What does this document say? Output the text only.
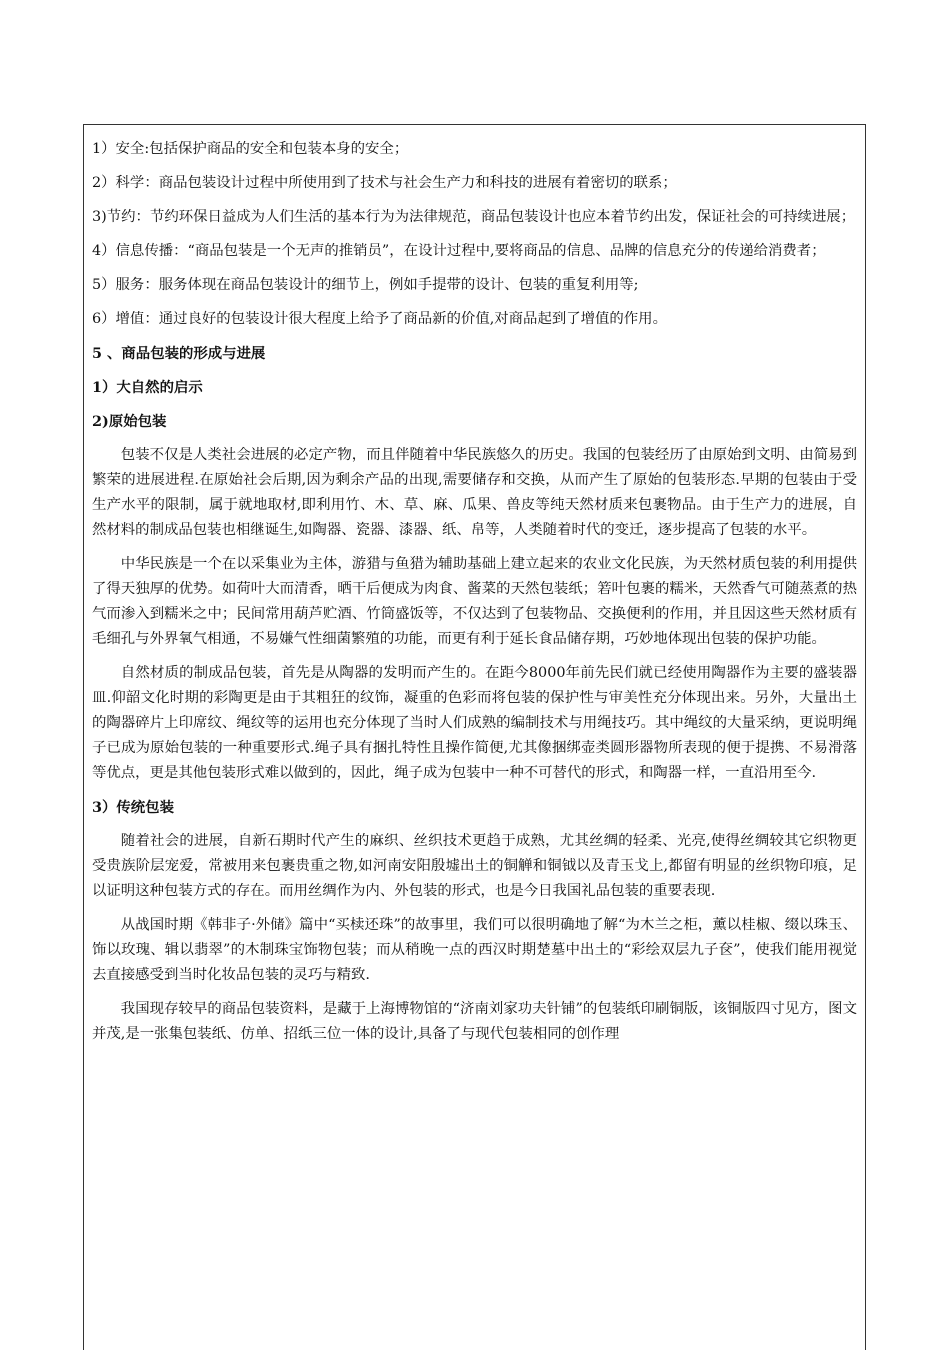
1）安全:包括保护商品的安全和包装本身的安全；

2）科学：商品包装设计过程中所使用到了技术与社会生产力和科技的进展有着密切的联系；

3)节约：节约环保日益成为人们生活的基本行为为法律规范，商品包装设计也应本着节约出发，保证社会的可持续进展；

4）信息传播：“商品包装是一个无声的推销员”，在设计过程中,要将商品的信息、品牌的信息充分的传递给消费者；

5）服务：服务体现在商品包装设计的细节上，例如手提带的设计、包装的重复利用等;

6）增值：通过良好的包装设计很大程度上给予了商品新的价值,对商品起到了增值的作用。

5 、商品包装的形成与进展

1）大自然的启示

2)原始包装

包装不仅是人类社会进展的必定产物，而且伴随着中华民族悠久的历史。我国的包装经历了由原始到文明、由简易到繁荣的进展进程.在原始社会后期,因为剩余产品的出现,需要储存和交换，从而产生了原始的包装形态.早期的包装由于受生产水平的限制，属于就地取材,即利用竹、木、草、麻、瓜果、兽皮等纯天然材质来包裹物品。由于生产力的进展，自然材料的制成品包装也相继诞生,如陶器、瓷器、漆器、纸、帛等，人类随着时代的变迁，逐步提高了包装的水平。

中华民族是一个在以采集业为主体，游猎与鱼猎为辅助基础上建立起来的农业文化民族，为天然材质包装的利用提供了得天独厚的优势。如荷叶大而清香，晒干后便成为肉食、酱菜的天然包装纸；箬叶包裹的糯米，天然香气可随蒸煮的热气而渗入到糯米之中；民间常用葫芦贮酒、竹筒盛饭等，不仅达到了包装物品、交换便利的作用，并且因这些天然材质有毛细孔与外界氧气相通，不易嫌气性细菌繁殖的功能，而更有利于延长食品储存期，巧妙地体现出包装的保护功能。

自然材质的制成品包装，首先是从陶器的发明而产生的。在距今8000年前先民们就已经使用陶器作为主要的盛装器皿.仰韶文化时期的彩陶更是由于其粗狂的纹饰，凝重的色彩而将包装的保护性与审美性充分体现出来。另外，大量出土的陶器碎片上印席纹、绳纹等的运用也充分体现了当时人们成熟的编制技术与用绳技巧。其中绳纹的大量采纳，更说明绳子已成为原始包装的一种重要形式.绳子具有捆扎特性且操作简便,尤其像捆绑壶类圆形器物所表现的便于提携、不易滑落等优点，更是其他包装形式难以做到的，因此，绳子成为包装中一种不可替代的形式，和陶器一样，一直沿用至今.

3）传统包装

随着社会的进展，自新石期时代产生的麻织、丝织技术更趋于成熟，尤其丝绸的轻柔、光亮,使得丝绸较其它织物更受贵族阶层宠爱，常被用来包裹贵重之物,如河南安阳殷墟出土的铜觯和铜钺以及青玉戈上,都留有明显的丝织物印痕，足以证明这种包装方式的存在。而用丝绸作为内、外包装的形式，也是今日我国礼品包装的重要表现.

从战国时期《韩非子·外储》篇中“买椟还珠”的故事里，我们可以很明确地了解“为木兰之柜，薰以桂椒、缀以珠玉、饰以玫瑰、辑以翡翠”的木制珠宝饰物包装；而从稍晚一点的西汉时期楚墓中出土的“彩绘双层九子奁”，使我们能用视觉去直接感受到当时化妆品包装的灵巧与精致.

我国现存较早的商品包装资料，是藏于上海博物馆的“济南刘家功夫针铺”的包装纸印刷铜版，该铜版四寸见方，图文并茂,是一张集包装纸、仿单、招纸三位一体的设计,具备了与现代包装相同的创作理
